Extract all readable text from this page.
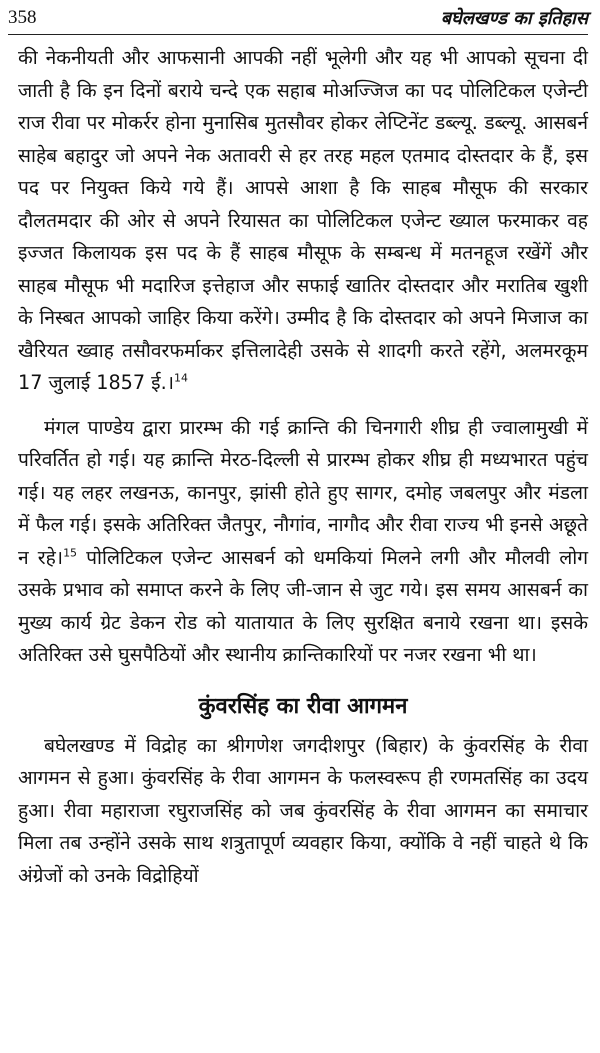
358	बघेलखण्ड का इतिहास

की नेकनीयती और आफसानी आपकी नहीं भूलेगी और यह भी आपको सूचना दी जाती है कि इन दिनों बराये चन्दे एक सहाब मोअज्जिज का पद पोलिटिकल एजेन्टी राज रीवा पर मोकर्रर होना मुनासिब मुतसौवर होकर लेप्टिनेंट डब्ल्यू. डब्ल्यू. आसबर्न साहेब बहादुर जो अपने नेक अतावरी से हर तरह महल एतमाद दोस्तदार के हैं, इस पद पर नियुक्त किये गये हैं। आपसे आशा है कि साहब मौसूफ की सरकार दौलतमदार की ओर से अपने रियासत का पोलिटिकल एजेन्ट ख्याल फरमाकर वह इज्जत किलायक इस पद के हैं साहब मौसूफ के सम्बन्ध में मतनहूज रखेंगें और साहब मौसूफ भी मदारिज इत्तेहाज और सफाई खातिर दोस्तदार और मरातिब खुशी के निस्बत आपको जाहिर किया करेंगे। उम्मीद है कि दोस्तदार को अपने मिजाज का खैरियत ख्वाह तसौवरफर्माकर इत्तिलादेही उसके से शादगी करते रहेंगे, अलमरकूम 17 जुलाई 1857 ई.।$^{14}$

मंगल पाण्डेय द्वारा प्रारम्भ की गई क्रान्ति की चिनगारी शीघ्र ही ज्वालामुखी में परिवर्तित हो गई। यह क्रान्ति मेरठ-दिल्ली से प्रारम्भ होकर शीघ्र ही मध्यभारत पहुंच गई। यह लहर लखनऊ, कानपुर, झांसी होते हुए सागर, दमोह जबलपुर और मंडला में फैल गई। इसके अतिरिक्त जैतपुर, नौगांव, नागौद और रीवा राज्य भी इनसे अछूते न रहे।$^{15}$ पोलिटिकल एजेन्ट आसबर्न को धमकियां मिलने लगी और मौलवी लोग उसके प्रभाव को समाप्त करने के लिए जी-जान से जुट गये। इस समय आसबर्न का मुख्य कार्य ग्रेट डेकन रोड को यातायात के लिए सुरक्षित बनाये रखना था। इसके अतिरिक्त उसे घुसपैठियों और स्थानीय क्रान्तिकारियों पर नजर रखना भी था।

कुंवरसिंह का रीवा आगमन

बघेलखण्ड में विद्रोह का श्रीगणेश जगदीशपुर (बिहार) के कुंवरसिंह के रीवा आगमन से हुआ। कुंवरसिंह के रीवा आगमन के फलस्वरूप ही रणमतसिंह का उदय हुआ। रीवा महाराजा रघुराजसिंह को जब कुंवरसिंह के रीवा आगमन का समाचार मिला तब उन्होंने उसके साथ शत्रुतापूर्ण व्यवहार किया, क्योंकि वे नहीं चाहते थे कि अंग्रेजों को उनके विद्रोहियों
